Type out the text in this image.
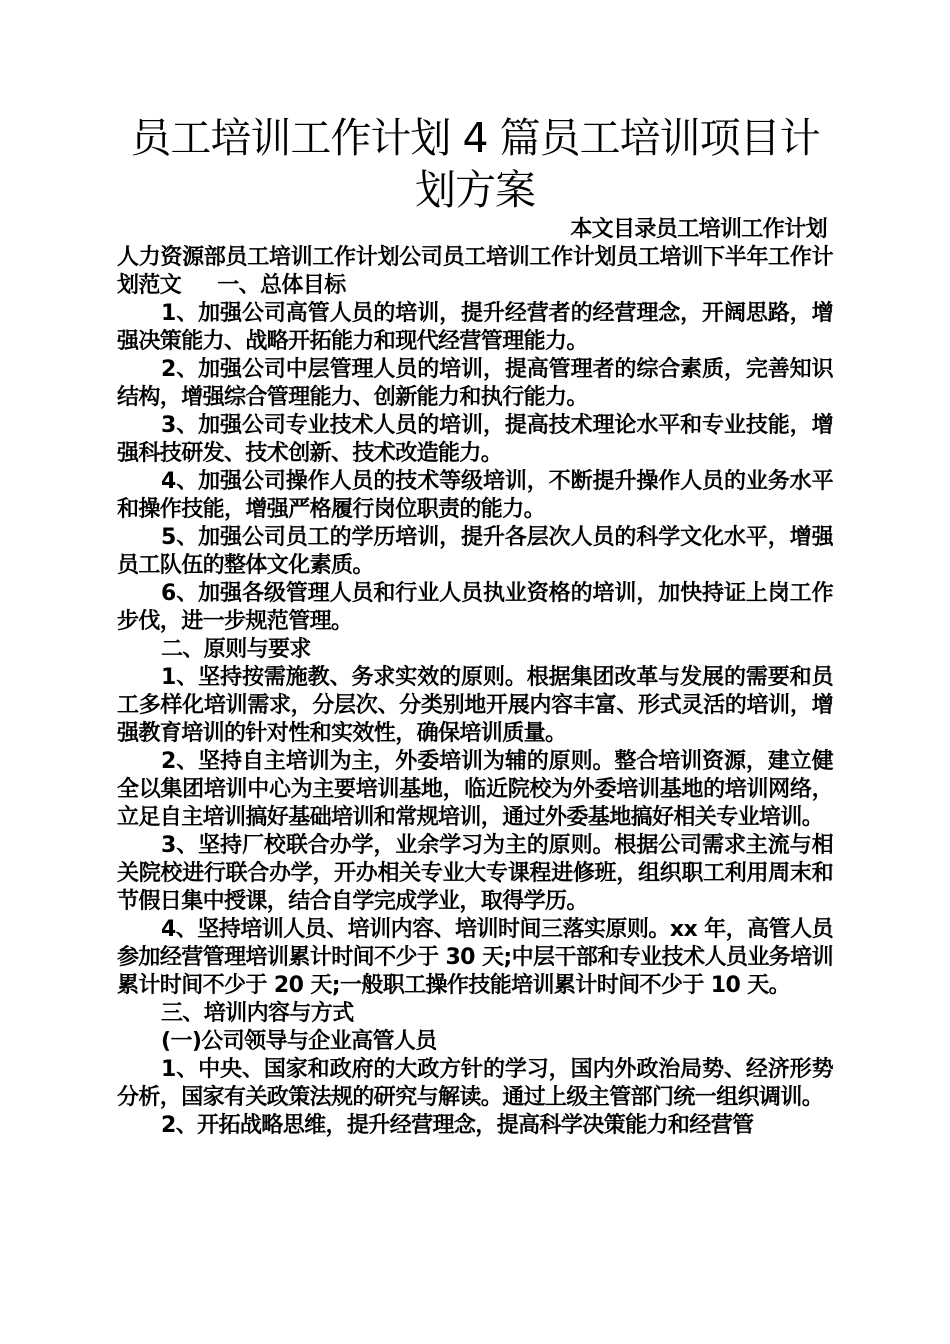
员工培训工作计划 4 篇员工培训项目计划方案
本文目录员工培训工作计划
人力资源部员工培训工作计划公司员工培训工作计划员工培训下半年工作计划范文 一、总体目标

1、加强公司高管人员的培训，提升经营者的经营理念，开阔思路，增强决策能力、战略开拓能力和现代经营管理能力。

2、加强公司中层管理人员的培训，提高管理者的综合素质，完善知识结构，增强综合管理能力、创新能力和执行能力。

3、加强公司专业技术人员的培训，提高技术理论水平和专业技能，增强科技研发、技术创新、技术改造能力。

4、加强公司操作人员的技术等级培训，不断提升操作人员的业务水平和操作技能，增强严格履行岗位职责的能力。

5、加强公司员工的学历培训，提升各层次人员的科学文化水平，增强员工队伍的整体文化素质。

6、加强各级管理人员和行业人员执业资格的培训，加快持证上岗工作步伐，进一步规范管理。

二、原则与要求

1、坚持按需施教、务求实效的原则。根据集团改革与发展的需要和员工多样化培训需求，分层次、分类别地开展内容丰富、形式灵活的培训，增强教育培训的针对性和实效性，确保培训质量。

2、坚持自主培训为主，外委培训为辅的原则。整合培训资源，建立健全以集团培训中心为主要培训基地，临近院校为外委培训基地的培训网络，立足自主培训搞好基础培训和常规培训，通过外委基地搞好相关专业培训。

3、坚持厂校联合办学，业余学习为主的原则。根据公司需求主流与相关院校进行联合办学，开办相关专业大专课程进修班，组织职工利用周末和节假日集中授课，结合自学完成学业，取得学历。

4、坚持培训人员、培训内容、培训时间三落实原则。xx 年，高管人员参加经营管理培训累计时间不少于 30 天;中层干部和专业技术人员业务培训累计时间不少于 20 天;一般职工操作技能培训累计时间不少于 10 天。

三、培训内容与方式

(一)公司领导与企业高管人员

1、中央、国家和政府的大政方针的学习，国内外政治局势、经济形势分析，国家有关政策法规的研究与解读。通过上级主管部门统一组织调训。

2、开拓战略思维，提升经营理念，提高科学决策能力和经营管
